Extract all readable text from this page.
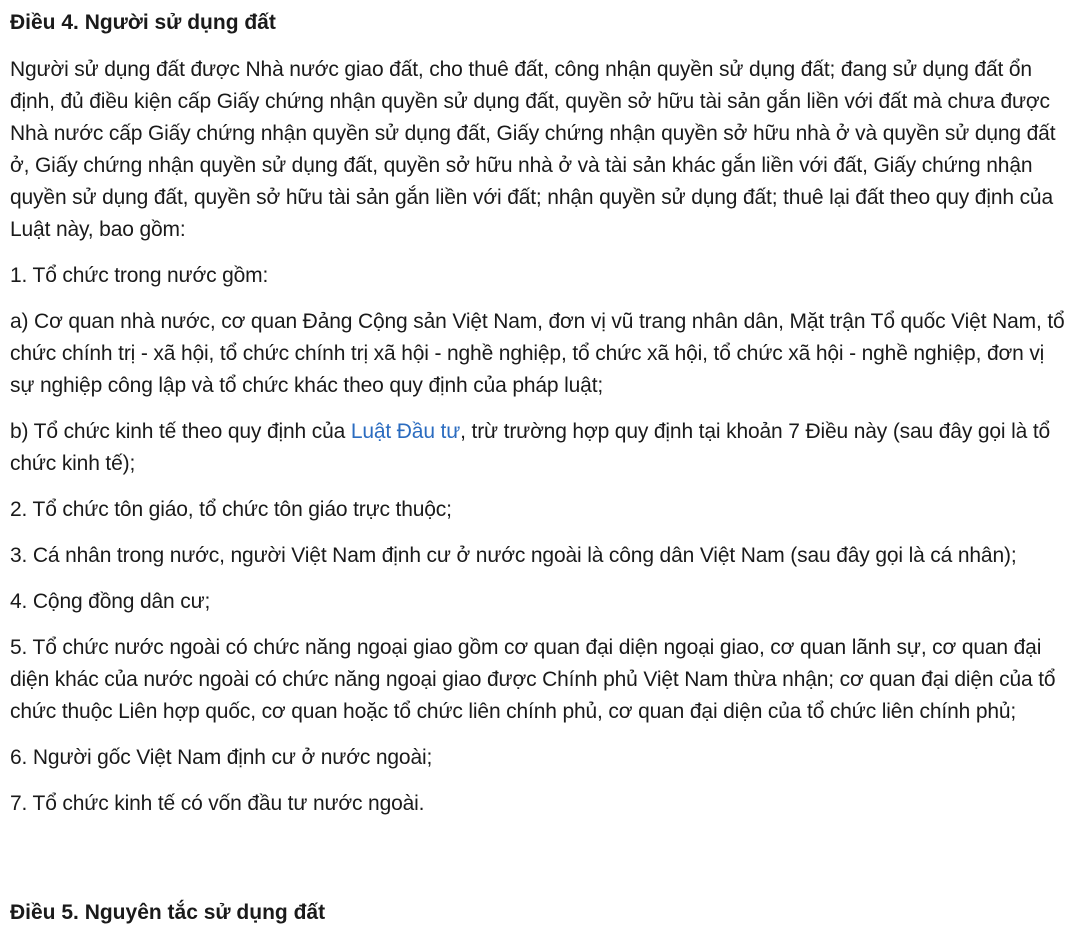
Điều 4. Người sử dụng đất

Người sử dụng đất được Nhà nước giao đất, cho thuê đất, công nhận quyền sử dụng đất; đang sử dụng đất ổn định, đủ điều kiện cấp Giấy chứng nhận quyền sử dụng đất, quyền sở hữu tài sản gắn liền với đất mà chưa được Nhà nước cấp Giấy chứng nhận quyền sử dụng đất, Giấy chứng nhận quyền sở hữu nhà ở và quyền sử dụng đất ở, Giấy chứng nhận quyền sử dụng đất, quyền sở hữu nhà ở và tài sản khác gắn liền với đất, Giấy chứng nhận quyền sử dụng đất, quyền sở hữu tài sản gắn liền với đất; nhận quyền sử dụng đất; thuê lại đất theo quy định của Luật này, bao gồm:

1. Tổ chức trong nước gồm:

a) Cơ quan nhà nước, cơ quan Đảng Cộng sản Việt Nam, đơn vị vũ trang nhân dân, Mặt trận Tổ quốc Việt Nam, tổ chức chính trị - xã hội, tổ chức chính trị xã hội - nghề nghiệp, tổ chức xã hội, tổ chức xã hội - nghề nghiệp, đơn vị sự nghiệp công lập và tổ chức khác theo quy định của pháp luật;

b) Tổ chức kinh tế theo quy định của Luật Đầu tư, trừ trường hợp quy định tại khoản 7 Điều này (sau đây gọi là tổ chức kinh tế);

2. Tổ chức tôn giáo, tổ chức tôn giáo trực thuộc;

3. Cá nhân trong nước, người Việt Nam định cư ở nước ngoài là công dân Việt Nam (sau đây gọi là cá nhân);

4. Cộng đồng dân cư;

5. Tổ chức nước ngoài có chức năng ngoại giao gồm cơ quan đại diện ngoại giao, cơ quan lãnh sự, cơ quan đại diện khác của nước ngoài có chức năng ngoại giao được Chính phủ Việt Nam thừa nhận; cơ quan đại diện của tổ chức thuộc Liên hợp quốc, cơ quan hoặc tổ chức liên chính phủ, cơ quan đại diện của tổ chức liên chính phủ;

6. Người gốc Việt Nam định cư ở nước ngoài;

7. Tổ chức kinh tế có vốn đầu tư nước ngoài.

Điều 5. Nguyên tắc sử dụng đất
